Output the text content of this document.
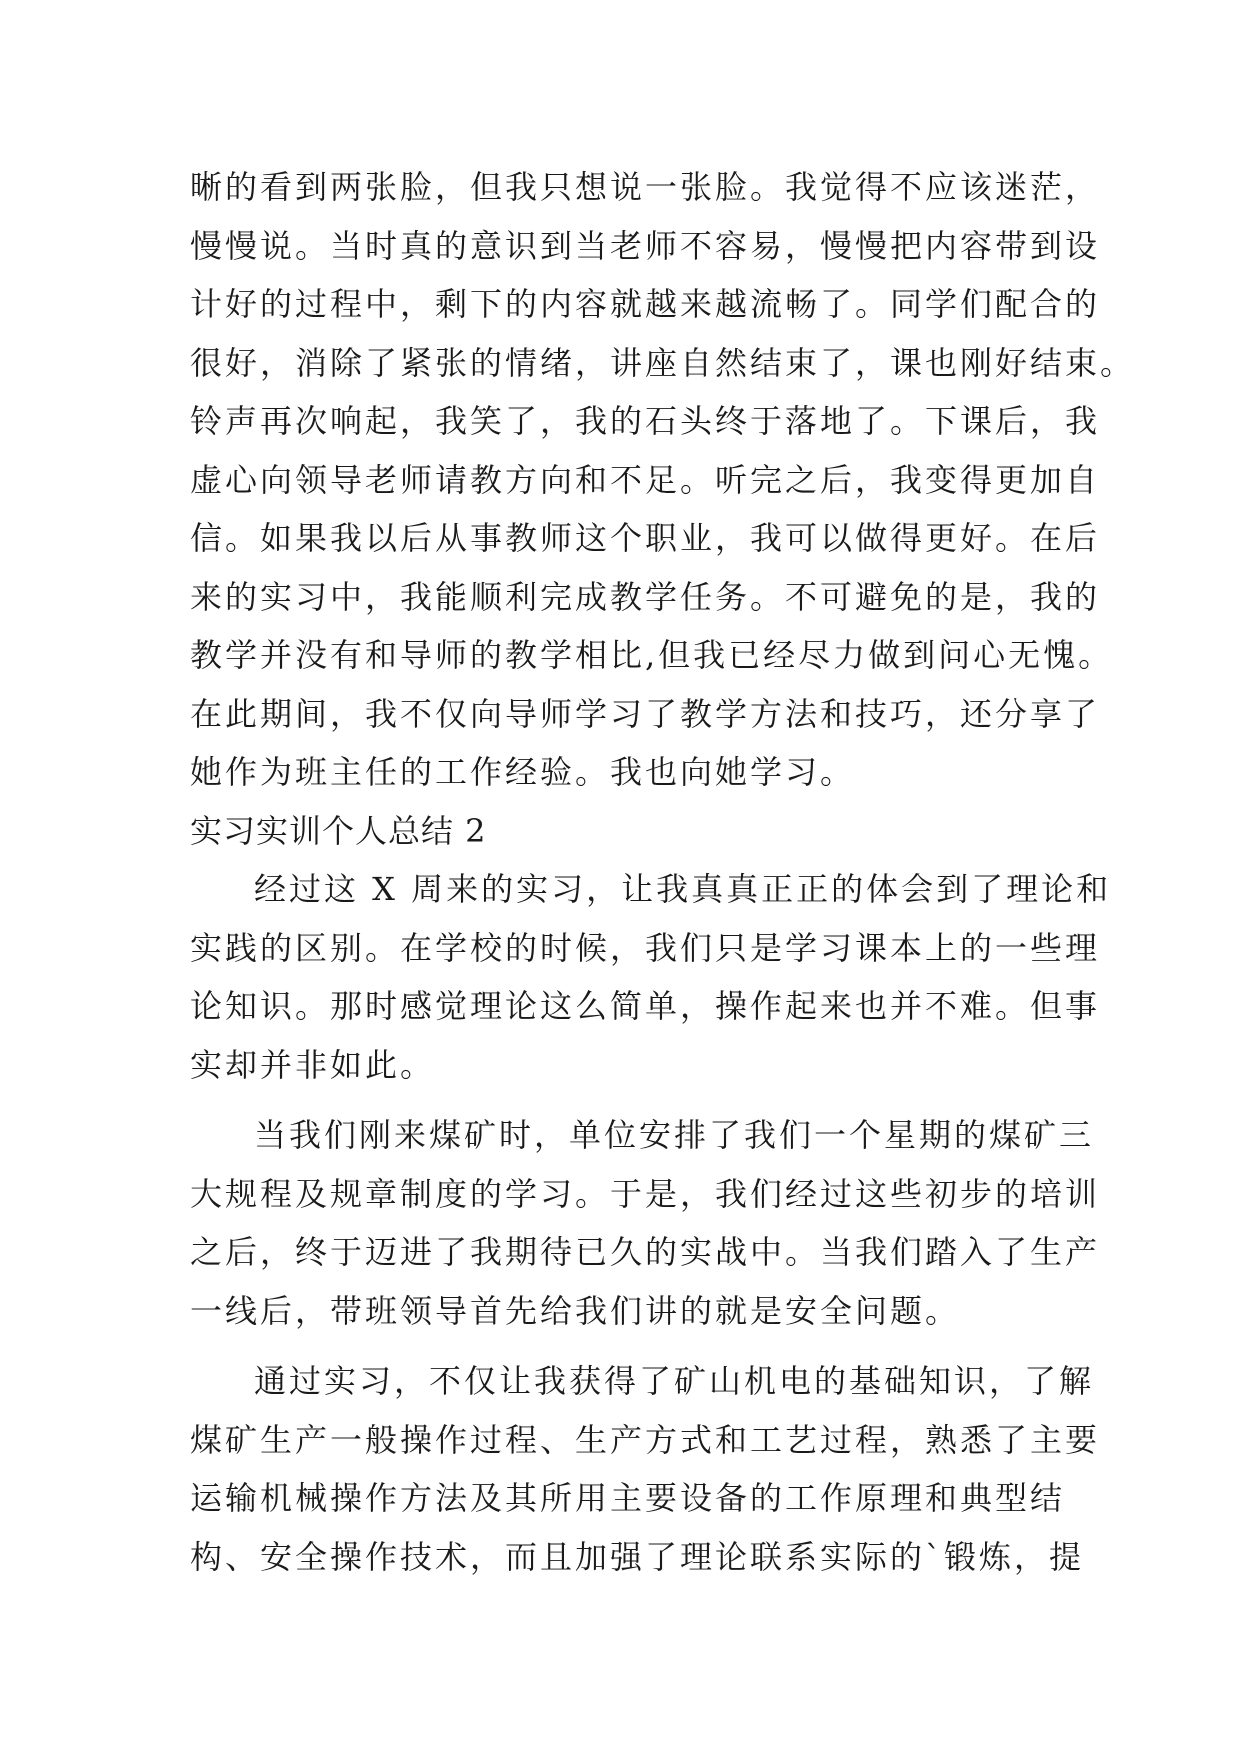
晰的看到两张脸，但我只想说一张脸。我觉得不应该迷茫，
慢慢说。当时真的意识到当老师不容易，慢慢把内容带到设
计好的过程中，剩下的内容就越来越流畅了。同学们配合的
很好，消除了紧张的情绪，讲座自然结束了，课也刚好结束。
铃声再次响起，我笑了，我的石头终于落地了。下课后，我
虚心向领导老师请教方向和不足。听完之后，我变得更加自
信。如果我以后从事教师这个职业，我可以做得更好。在后
来的实习中，我能顺利完成教学任务。不可避免的是，我的
教学并没有和导师的教学相比,但我已经尽力做到问心无愧。
在此期间，我不仅向导师学习了教学方法和技巧，还分享了
她作为班主任的工作经验。我也向她学习。
实习实训个人总结 2
经过这 X 周来的实习，让我真真正正的体会到了理论和
实践的区别。在学校的时候，我们只是学习课本上的一些理
论知识。那时感觉理论这么简单，操作起来也并不难。但事
实却并非如此。
当我们刚来煤矿时，单位安排了我们一个星期的煤矿三
大规程及规章制度的学习。于是，我们经过这些初步的培训
之后，终于迈进了我期待已久的实战中。当我们踏入了生产
一线后，带班领导首先给我们讲的就是安全问题。
通过实习，不仅让我获得了矿山机电的基础知识，了解
煤矿生产一般操作过程、生产方式和工艺过程，熟悉了主要
运输机械操作方法及其所用主要设备的工作原理和典型结
构、安全操作技术，而且加强了理论联系实际的`锻炼，提
